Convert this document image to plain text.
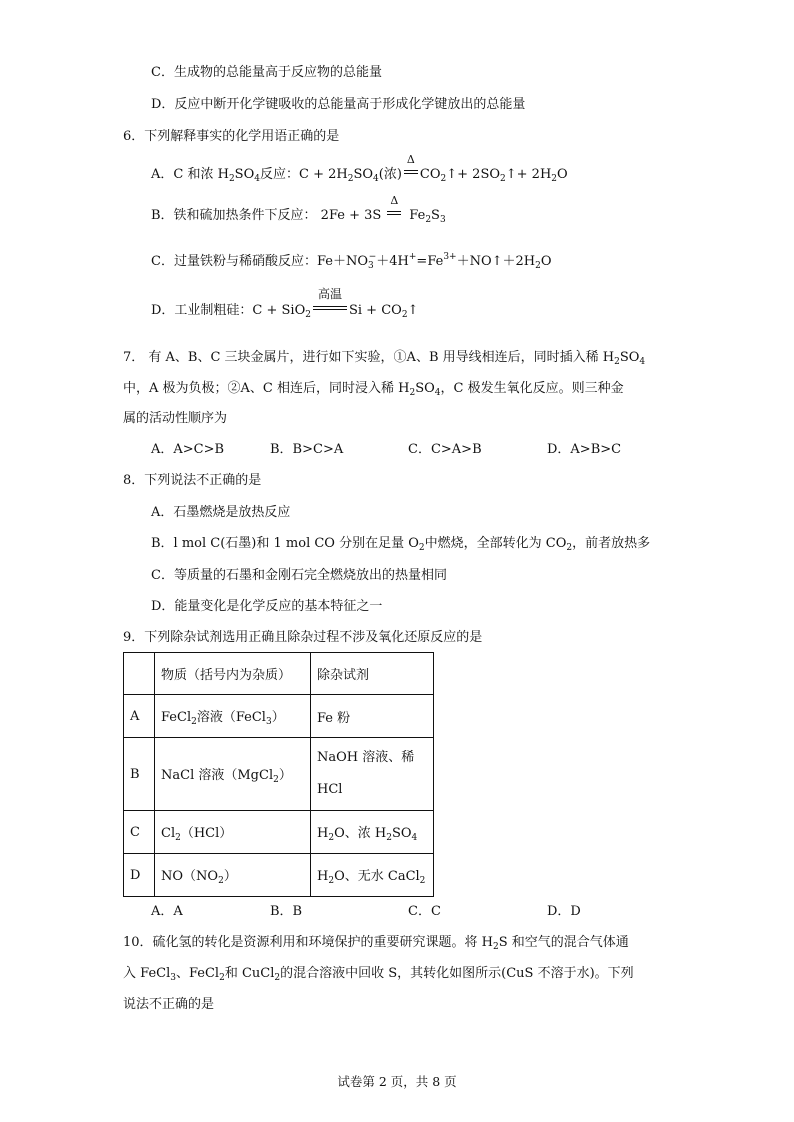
C．生成物的总能量高于反应物的总能量
D．反应中断开化学键吸收的总能量高于形成化学键放出的总能量
6．下列解释事实的化学用语正确的是
A．C 和浓 $H_2SO_4$反应：$C + 2H_2SO_4$(浓)
Δ
$CO_2↑+$ $2SO_2↑+ 2H_2O$
B．铁和硫加热条件下反应： 2Fe + 3S
Δ
$Fe_2S_3$
C．过量铁粉与稀硝酸反应：$Fe+NO_3^-+4H^+=Fe^{3+}+NO↑+2H_2O$
D．工业制粗硅：C + SiO$_2$
高温
$Si + CO_2↑$
7． 有 A、B、C 三块金属片，进行如下实验，①A、B 用导线相连后，同时插入稀 $H_2SO_4$
中，A 极为负极；②A、C 相连后，同时浸入稀 $H_2SO_4$，C 极发生氧化反应。则三种金
属的活动性顺序为
A．A>C>B	B．B>C>A	C．C>A>B	D．A>B>C
8．下列说法不正确的是
A．石墨燃烧是放热反应
B．l mol C(石墨)和 1 mol CO 分别在足量 $O_2$中燃烧，全部转化为 $CO_2$，前者放热多
C．等质量的石墨和金刚石完全燃烧放出的热量相同
D．能量变化是化学反应的基本特征之一
9．下列除杂试剂选用正确且除杂过程不涉及氧化还原反应的是
	物质（括号内为杂质）	除杂试剂
A	FeCl$_2$溶液（FeCl$_3$）	Fe 粉
B	NaCl 溶液（MgCl$_2$）	NaOH 溶液、稀
HCl

C	$Cl_2(HCl)$	$H_2O$、浓 $H_2SO_4$
D	$NO(NO_2)$	$H_2O$、无水 CaCl$_2$
A．A	B．B	C．C	D．D
10．硫化氢的转化是资源利用和环境保护的重要研究课题。将 $H_2S$ 和空气的混合气体通
入 FeCl$_3$、FeCl$_2$和 CuCl$_2$的混合溶液中回收 S，其转化如图所示(CuS 不溶于水)。下列
说法不正确的是
试卷第 2 页，共 8 页
